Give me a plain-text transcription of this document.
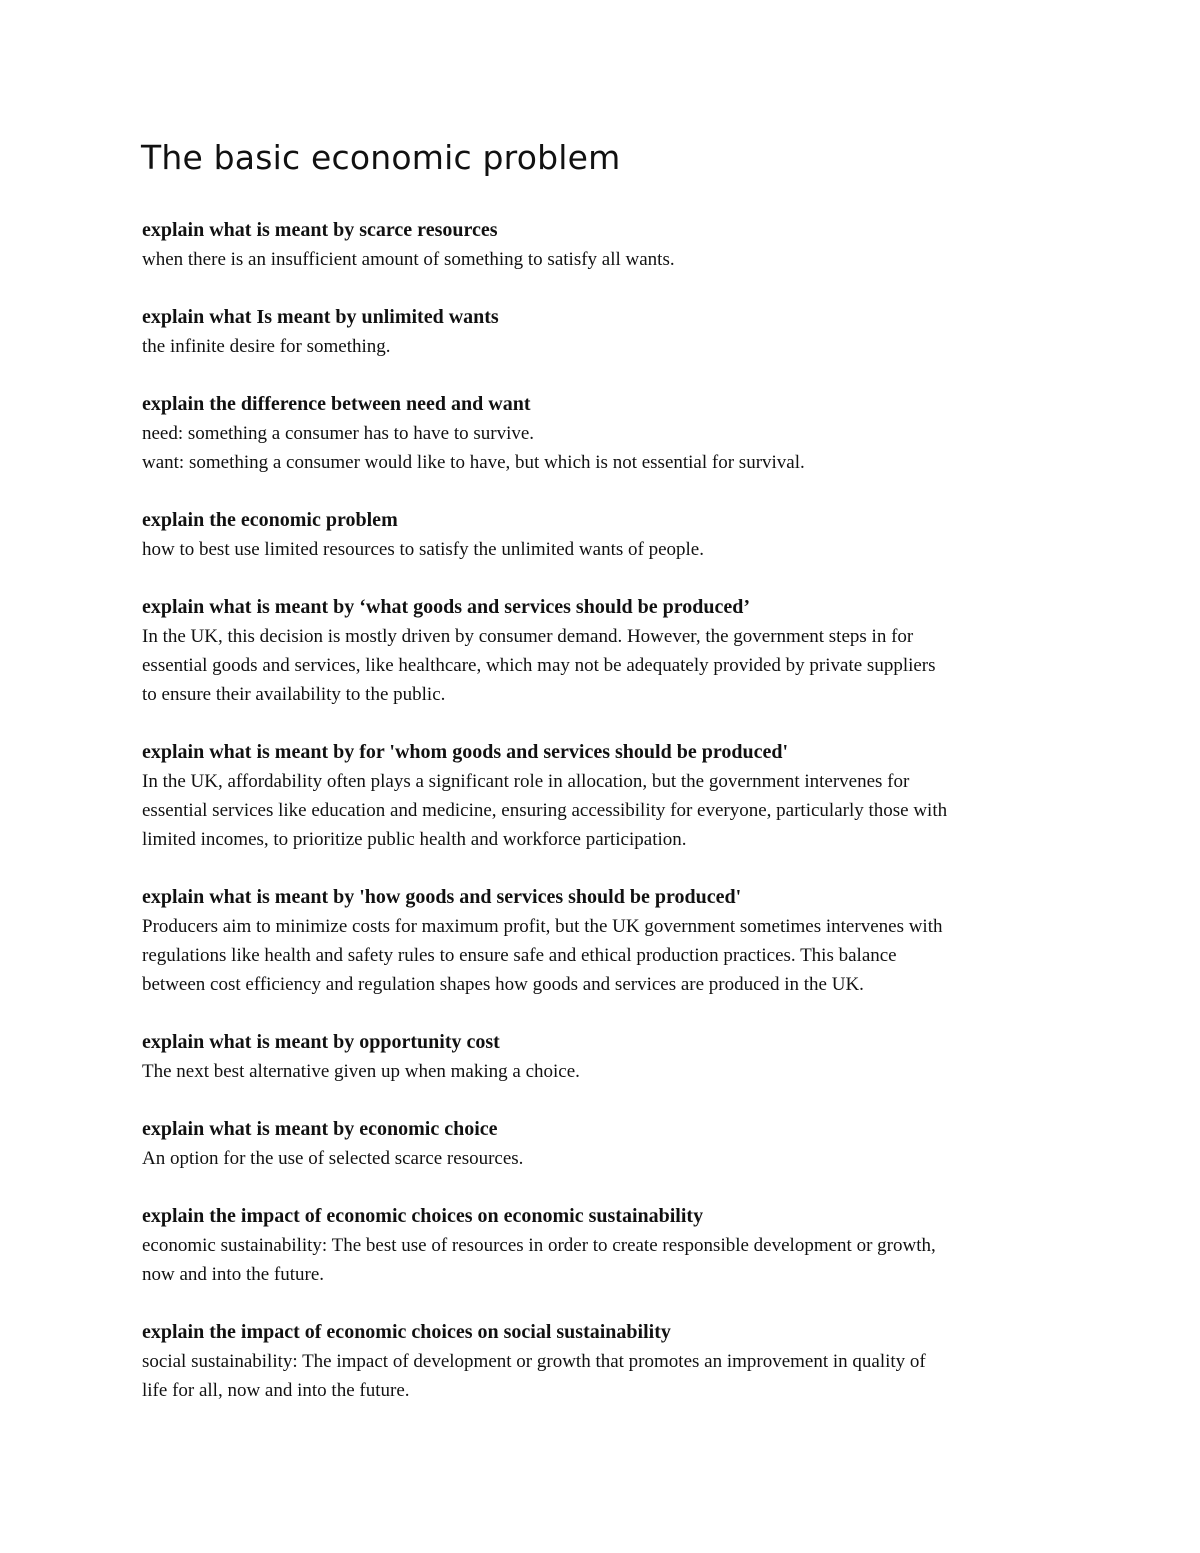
The basic economic problem

explain what is meant by scarce resources

when there is an insufficient amount of something to satisfy all wants.

explain what Is meant by unlimited wants

the infinite desire for something.

explain the difference between need and want

need: something a consumer has to have to survive.

want: something a consumer would like to have, but which is not essential for survival.

explain the economic problem

how to best use limited resources to satisfy the unlimited wants of people.

explain what is meant by ‘what goods and services should be produced’

In the UK, this decision is mostly driven by consumer demand. However, the government steps in for

essential goods and services, like healthcare, which may not be adequately provided by private suppliers

to ensure their availability to the public.

explain what is meant by for 'whom goods and services should be produced'

In the UK, affordability often plays a significant role in allocation, but the government intervenes for

essential services like education and medicine, ensuring accessibility for everyone, particularly those with

limited incomes, to prioritize public health and workforce participation.

explain what is meant by 'how goods and services should be produced'

Producers aim to minimize costs for maximum profit, but the UK government sometimes intervenes with

regulations like health and safety rules to ensure safe and ethical production practices. This balance

between cost efficiency and regulation shapes how goods and services are produced in the UK.

explain what is meant by opportunity cost

The next best alternative given up when making a choice.

explain what is meant by economic choice

An option for the use of selected scarce resources.

explain the impact of economic choices on economic sustainability

economic sustainability: The best use of resources in order to create responsible development or growth,

now and into the future.

explain the impact of economic choices on social sustainability

social sustainability: The impact of development or growth that promotes an improvement in quality of

life for all, now and into the future.
